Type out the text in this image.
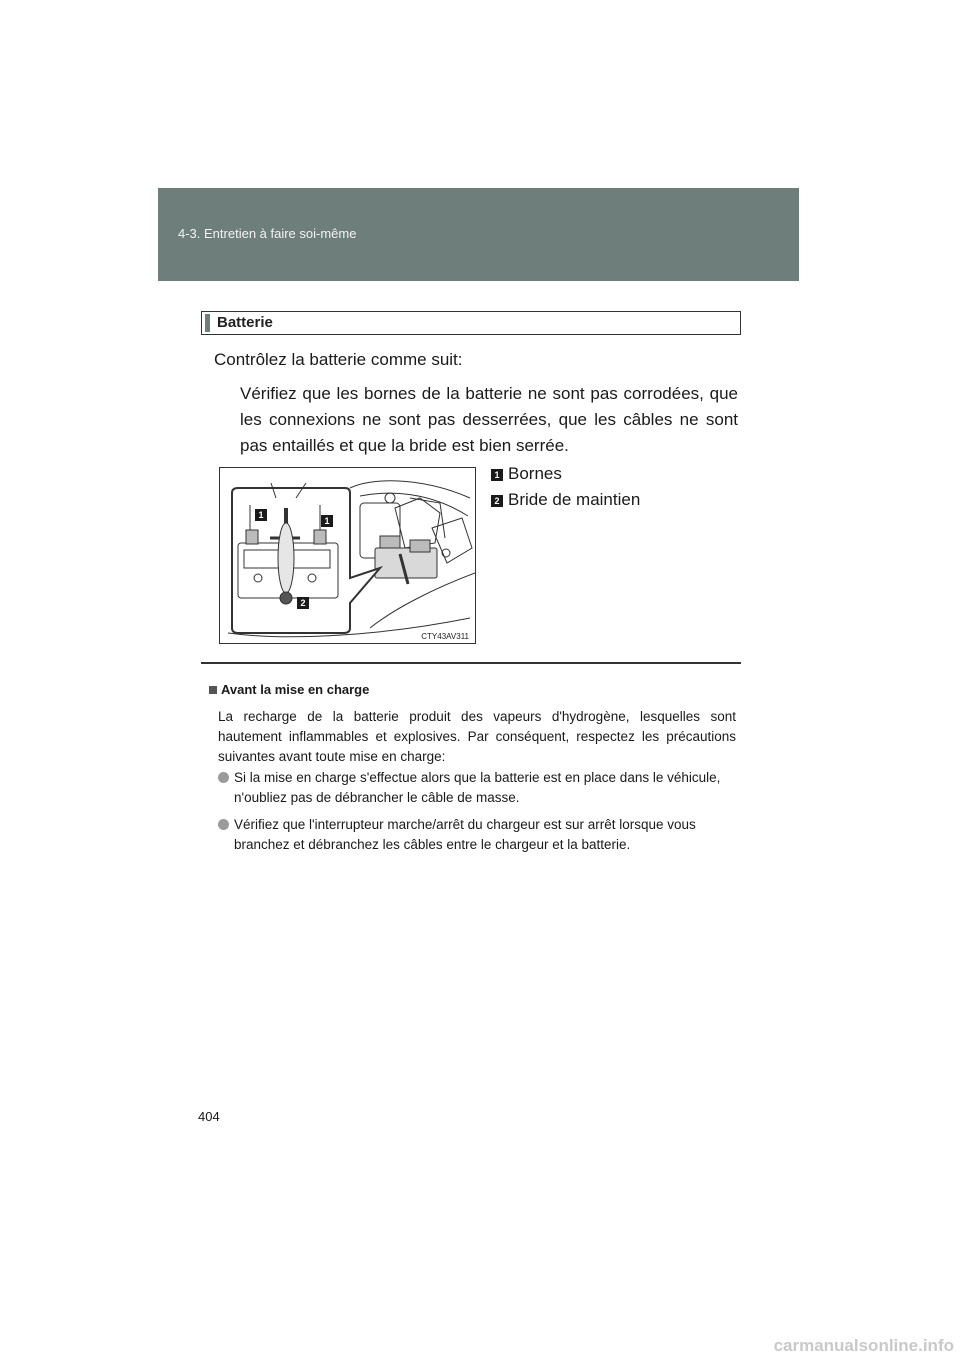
4-3. Entretien à faire soi-même
Batterie
Contrôlez la batterie comme suit:
Vérifiez que les bornes de la batterie ne sont pas corrodées, que les connexions ne sont pas desserrées, que les câbles ne sont pas entaillés et que la bride est bien serrée.
1
1
2
CTY43AV311
1 Bornes
2 Bride de maintien
Avant la mise en charge
La recharge de la batterie produit des vapeurs d'hydrogène, lesquelles sont hautement inflammables et explosives. Par conséquent, respectez les précautions suivantes avant toute mise en charge:
Si la mise en charge s'effectue alors que la batterie est en place dans le véhicule, n'oubliez pas de débrancher le câble de masse.
Vérifiez que l'interrupteur marche/arrêt du chargeur est sur arrêt lorsque vous branchez et débranchez les câbles entre le chargeur et la batterie.
404
carmanualsonline.info
